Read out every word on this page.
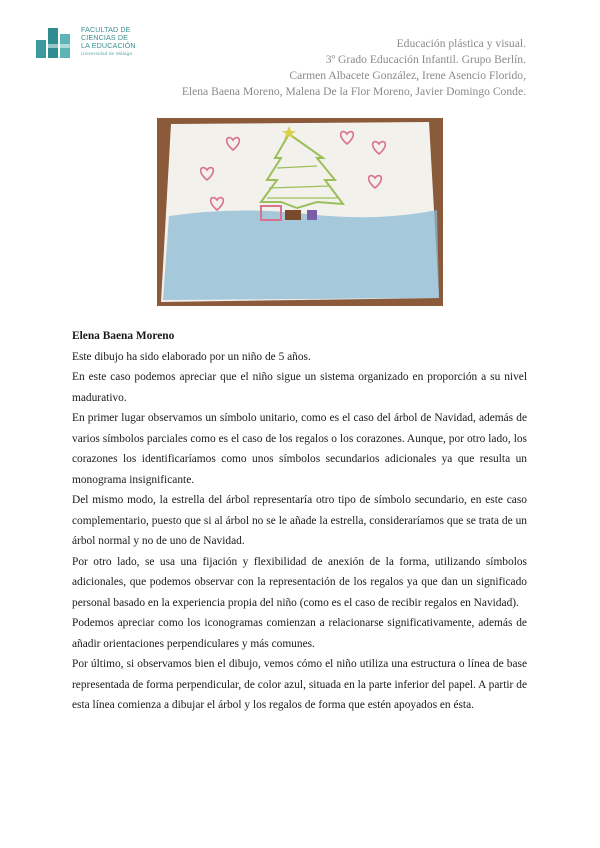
FACULTAD DE
CIENCIAS DE
LA EDUCACIÓN
Universidad de Málaga
Educación plástica y visual.
3º Grado Educación Infantil. Grupo Berlín.
Carmen Albacete González, Irene Asencio Florido,
Elena Baena Moreno, Malena De la Flor Moreno, Javier Domingo Conde.

Elena Baena Moreno

Este dibujo ha sido elaborado por un niño de 5 años.

En este caso podemos apreciar que el niño sigue un sistema organizado en proporción a su nivel madurativo.

En primer lugar observamos un símbolo unitario, como es el caso del árbol de Navidad, además de varios símbolos parciales como es el caso de los regalos o los corazones. Aunque, por otro lado, los corazones los identificaríamos como unos símbolos secundarios adicionales ya que resulta un monograma insignificante.

Del mismo modo, la estrella del árbol representaría otro tipo de símbolo secundario, en este caso complementario, puesto que si al árbol no se le añade la estrella, consideraríamos que se trata de un árbol normal y no de uno de Navidad.

Por otro lado, se usa una fijación y flexibilidad de anexión de la forma, utilizando símbolos adicionales, que podemos observar con la representación de los regalos ya que dan un significado personal basado en la experiencia propia del niño (como es el caso de recibir regalos en Navidad).

Podemos apreciar como los iconogramas comienzan a relacionarse significativamente, además de añadir orientaciones perpendiculares y más comunes.

Por último, si observamos bien el dibujo, vemos cómo el niño utiliza una estructura o línea de base representada de forma perpendicular, de color azul, situada en la parte inferior del papel. A partir de esta línea comienza a dibujar el árbol y los regalos de forma que estén apoyados en ésta.
